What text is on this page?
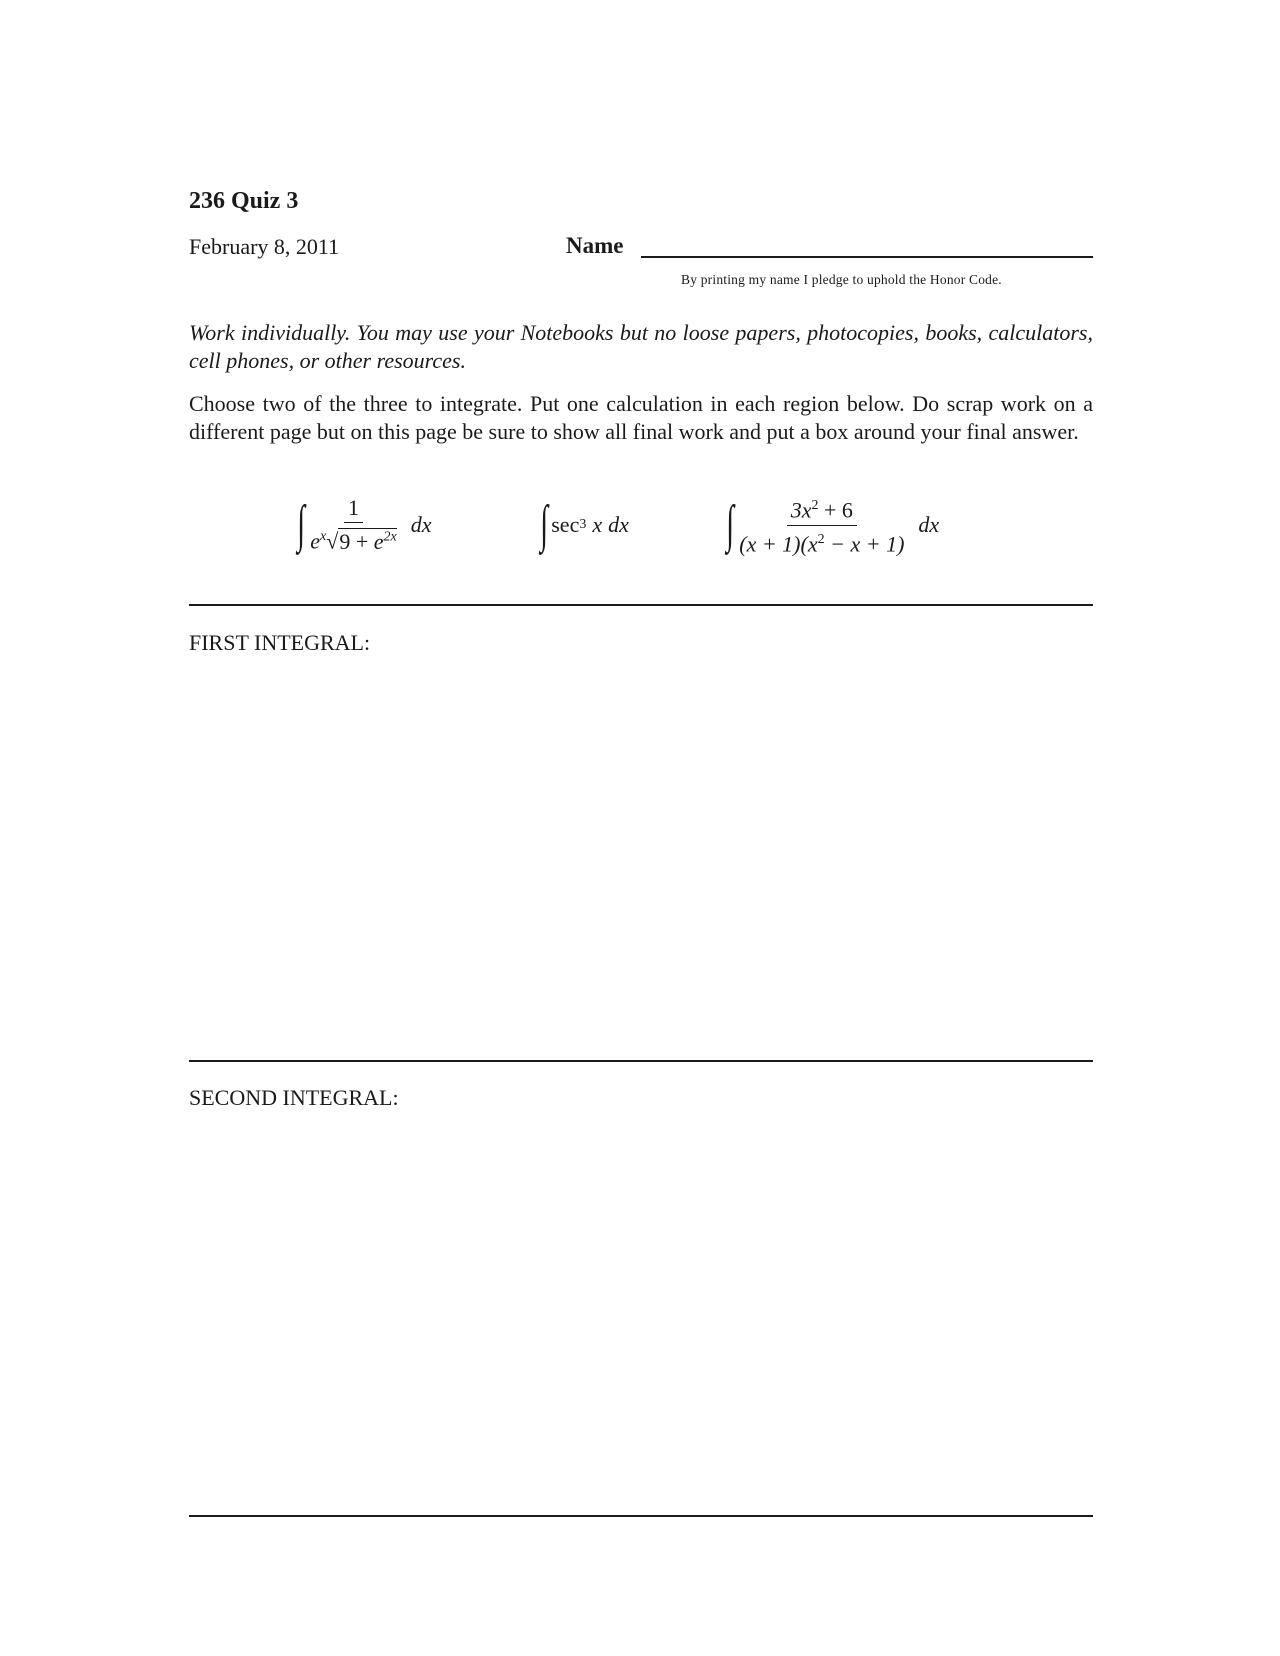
236 Quiz 3
February 8, 2011	Name
By printing my name I pledge to uphold the Honor Code.
Work individually. You may use your Notebooks but no loose papers, photocopies, books, calculators, cell phones, or other resources.
Choose two of the three to integrate. Put one calculation in each region below. Do scrap work on a different page but on this page be sure to show all final work and put a box around your final answer.
∫ $\frac{1}{e^x√9 + e^{2x}}$ dx ∫ sec 3 x dx ∫ $\frac{3x^2 + 6}{(x + 1)(x^2 - x + 1)}$ dx
FIRST INTEGRAL:
SECOND INTEGRAL:
